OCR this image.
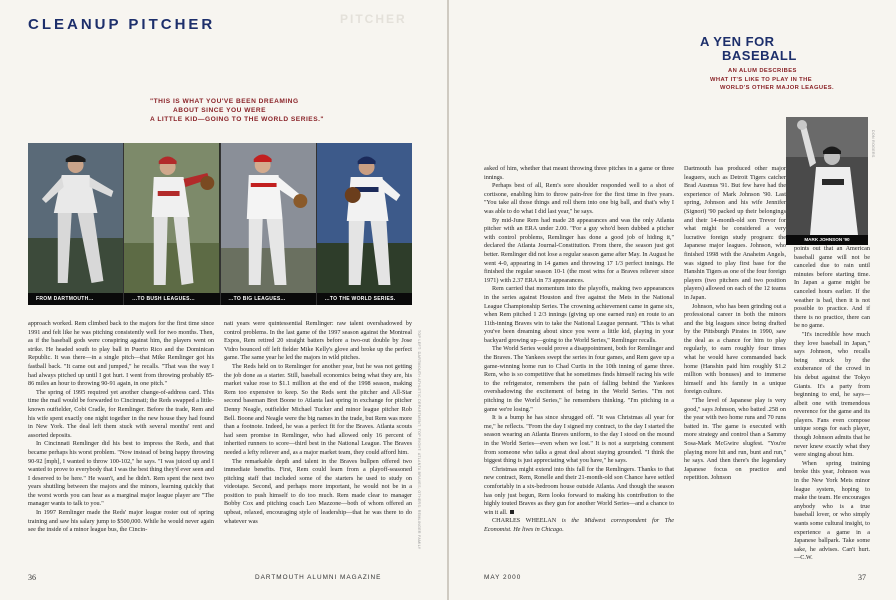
CLEANUP PITCHER	PITCHER
"THIS IS WHAT YOU'VE BEEN DREAMING
ABOUT SINCE YOU WERE
A LITTLE KID—GOING TO THE WORLD SERIES."
FROM DARTMOUTH...	...TO BUSH LEAGUES...	...TO BIG LEAGUES...	...TO THE WORLD SERIES.
TOP LEFT: DARTMOUTH ATHLETIC DEPARTMENT; TOP RIGHT: ATLANTA BRAVES; OTHERS: REMLINGER FAMILY

approach worked. Rem climbed back to the majors for the first time since 1991 and felt like he was pitching consistently well for two months. Then, as if the baseball gods were conspiring against him, the players went on strike. He headed south to play ball in Puerto Rico and the Dominican Republic. It was there—in a single pitch—that Mike Remlinger got his fastball back. "It came out and jumped," he recalls. "That was the way I had always pitched up until I got hurt. I went from throwing probably 85-86 miles an hour to throwing 90-91 again, in one pitch."

The spring of 1995 required yet another change-of-address card. This time the mail would be forwarded to Cincinnati; the Reds swapped a little-known outfielder, Cobi Cradle, for Remlinger. Before the trade, Rem and his wife spent exactly one night together in the new house they had found in New York. The deal left them stuck with several months' rent and assorted deposits.

In Cincinnati Remlinger did his best to impress the Reds, and that became perhaps his worst problem. "Now instead of being happy throwing 90-92 [mph], I wanted to throw 100-102," he says. "I was juiced up and I wanted to prove to everybody that I was the best thing they'd ever seen and I deserved to be here." He wasn't, and he didn't. Rem spent the next two years shuttling between the majors and the minors, learning quickly that the worst words you can hear as a marginal major league player are "The manager wants to talk to you."

In 1997 Remlinger made the Reds' major league roster out of spring training and saw his salary jump to $500,000. While he would never again see the inside of a minor league bus, the Cincin-

nati years were quintessential Remlinger: raw talent overshadowed by control problems. In the last game of the 1997 season against the Montreal Expos, Rem retired 20 straight batters before a two-out double by Jose Vidro bounced off left fielder Mike Kelly's glove and broke up the perfect game. The same year he led the majors in wild pitches.

The Reds held on to Remlinger for another year, but he was not getting the job done as a starter. Still, baseball economics being what they are, his market value rose to $1.1 million at the end of the 1998 season, making Rem too expensive to keep. So the Reds sent the pitcher and All-Star second baseman Bret Boone to Atlanta last spring in exchange for pitcher Denny Neagle, outfielder Michael Tucker and minor league pitcher Rob Bell. Boone and Neagle were the big names in the trade, but Rem was more than a footnote. Indeed, he was a perfect fit for the Braves. Atlanta scouts had seen promise in Remlinger, who had allowed only 16 percent of inherited runners to score—third best in the National League. The Braves needed a lefty reliever and, as a major market team, they could afford him.

The remarkable depth and talent in the Braves bullpen offered two immediate benefits. First, Rem could learn from a playoff-seasoned pitching staff that included some of the starters he used to study on videotape. Second, and perhaps more important, he would not be in a position to push himself to do too much. Rem made clear to manager Bobby Cox and pitching coach Leo Mazzone—both of whom offered an upbeat, relaxed, encouraging style of leadership—that he was there to do whatever was

36	DARTMOUTH ALUMNI MAGAZINE

asked of him, whether that meant throwing three pitches in a game or three innings.

Perhaps best of all, Rem's sore shoulder responded well to a shot of cortisone, enabling him to throw pain-free for the first time in five years. "You take all those things and roll them into one big ball, and that's why I was able to do what I did last year," he says.

By mid-June Rem had made 28 appearances and was the only Atlanta pitcher with an ERA under 2.00. "For a guy who'd been dubbed a pitcher with control problems, Remlinger has done a good job of hiding it," declared the Atlanta Journal-Constitution. From there, the season just got better. Remlinger did not lose a regular season game after May. In August he went 4-0, appearing in 14 games and throwing 17 1/3 perfect innings. He finished the regular season 10-1 (the most wins for a Braves reliever since 1971) with 2.37 ERA in 73 appearances.

Rem carried that momentum into the playoffs, making two appearances in the series against Houston and five against the Mets in the National League Championship Series. The crowning achievement came in game six, when Rem pitched 1 2/3 innings (giving up one earned run) en route to an 11th-inning Braves win to take the National League pennant. "This is what you've been dreaming about since you were a little kid, playing in your backyard growing up—going to the World Series," Remlinger recalls.

The World Series would prove a disappointment, both for Remlinger and the Braves. The Yankees swept the series in four games, and Rem gave up a game-winning home run to Chad Curtis in the 10th inning of game three. Rem, who is so competitive that he sometimes finds himself racing his wife to the refrigerator, remembers the pain of falling behind the Yankees overshadowing the excitement of being in the World Series. "I'm not pitching in the World Series," he remembers thinking. "I'm pitching in a game we're losing."

It is a bump he has since shrugged off. "It was Christmas all year for me," he reflects. "From the day I signed my contract, to the day I started the season wearing an Atlanta Braves uniform, to the day I stood on the mound in the World Series—even when we lost." It is not a surprising comment from someone who talks a great deal about staying grounded. "I think the biggest thing is just appreciating what you have," he says.

Christmas might extend into this fall for the Remlingers. Thanks to that new contract, Rem, Ronelle and their 21-month-old son Chance have settled comfortably in a six-bedroom house outside Atlanta. And though the season has only just begun, Rem looks forward to making his contribution to the highly touted Braves as they gun for another World Series—and a chance to win it all.

CHARLES WHEELAN is the Midwest correspondent for The Economist. He lives in Chicago.

A YEN FOR
BASEBALL
AN ALUM DESCRIBES
WHAT IT'S LIKE TO PLAY IN THE
WORLD'S OTHER MAJOR LEAGUES.
MARK JOHNSON '90
DON ROGERS

Dartmouth has produced other major leaguers, such as Detroit Tigers catcher Brad Ausmus '91. But few have had the experience of Mark Johnson '90. Last spring, Johnson and his wife Jennifer (Signori) '90 packed up their belongings and their 14-month-old son Trevor for what might be considered a very lucrative foreign study program: the Japanese major leagues. Johnson, who finished 1998 with the Anaheim Angels, was signed to play first base for the Hanshin Tigers as one of the four foreign players (two pitchers and two position players) allowed on each of the 12 teams in Japan.

Johnson, who has been grinding out a professional career in both the minors and the big leagues since being drafted by the Pittsburgh Pirates in 1990, saw the deal as a chance for him to play regularly, to earn roughly four times what he would have commanded back home (Hanshin paid him roughly $1.2 million with bonuses) and to immerse himself and his family in a unique foreign culture.

"The level of Japanese play is very good," says Johnson, who batted .258 on the year with two home runs and 70 runs batted in. The game is executed with more strategy and control than a Sammy Sosa-Mark McGwire slugfest. "You're playing more hit and run, bunt and run," he says. And then there's the legendary Japanese focus on practice and repetition. Johnson

points out that an American baseball game will not be canceled due to rain until minutes before starting time. In Japan a game might be canceled hours earlier. If the weather is bad, then it is not possible to practice. And if there is no practice, there can be no game.

"It's incredible how much they love baseball in Japan," says Johnson, who recalls being struck by the exuberance of the crowd in his debut against the Tokyo Giants. It's a party from beginning to end, he says—albeit one with tremendous reverence for the game and its players. Fans even compose unique songs for each player, though Johnson admits that he never knew exactly what they were singing about him.

When spring training broke this year, Johnson was in the New York Mets minor league system, hoping to make the team. He encourages anybody who is a true baseball lover, or who simply wants some cultural insight, to experience a game in a Japanese ballpark. Take some sake, he advises. Can't hurt. —C.W.

MAY 2000	37
